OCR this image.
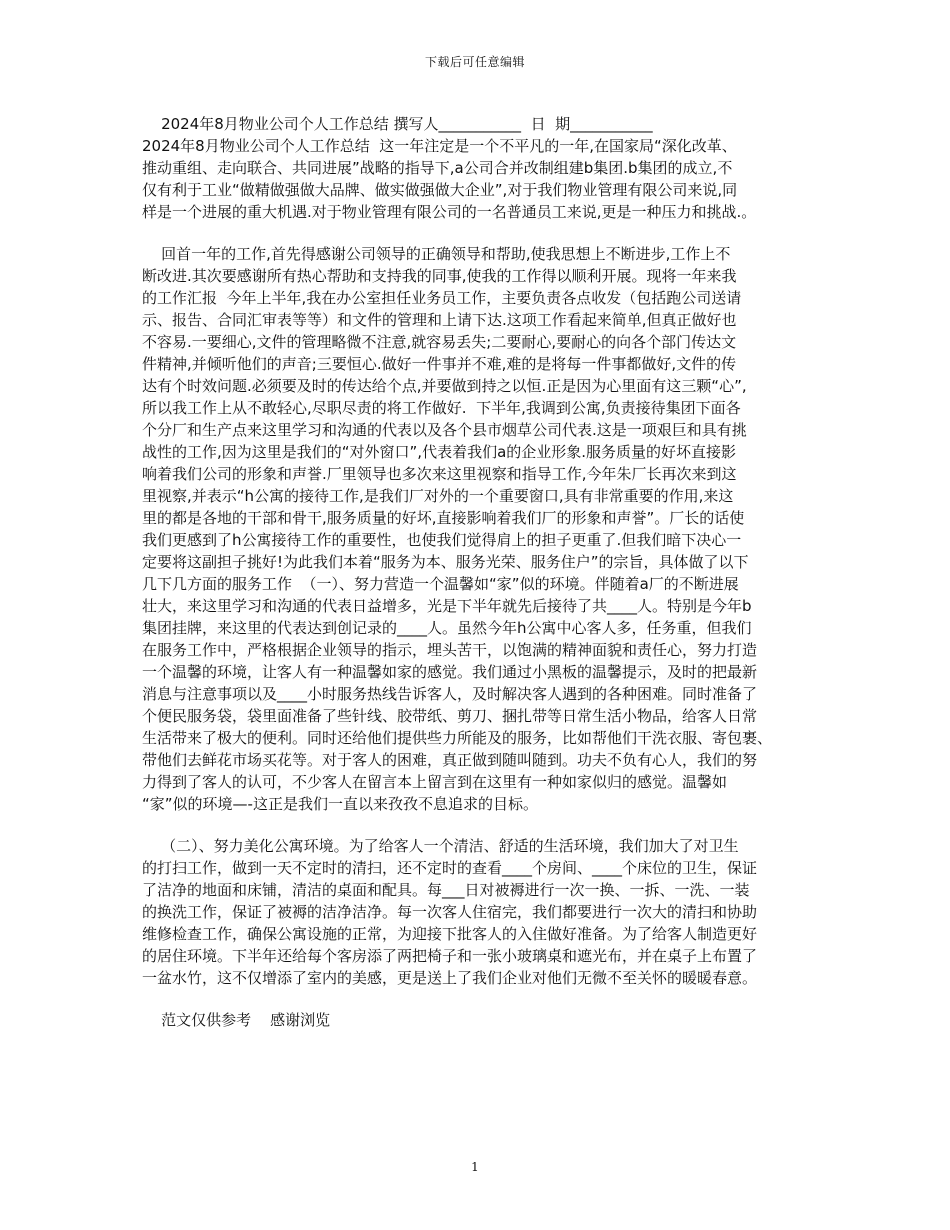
下载后可任意编辑
2024年8月物业公司个人工作总结 撰写人___________  日  期___________
2024年8月物业公司个人工作总结  这一年注定是一个不平凡的一年,在国家局“深化改革、
推动重组、走向联合、共同进展”战略的指导下,a公司合并改制组建b集团.b集团的成立,不
仅有利于工业“做精做强做大品牌、做实做强做大企业”,对于我们物业管理有限公司来说,同
样是一个进展的重大机遇.对于物业管理有限公司的一名普通员工来说,更是一种压力和挑战.。
回首一年的工作,首先得感谢公司领导的正确领导和帮助,使我思想上不断进步,工作上不
断改进.其次要感谢所有热心帮助和支持我的同事,使我的工作得以顺利开展。现将一年来我
的工作汇报  今年上半年,我在办公室担任业务员工作，主要负责各点收发（包括跑公司送请
示、报告、合同汇审表等等）和文件的管理和上请下达.这项工作看起来简单,但真正做好也
不容易.一要细心,文件的管理略微不注意,就容易丢失;二要耐心,要耐心的向各个部门传达文
件精神,并倾听他们的声音;三要恒心.做好一件事并不难,难的是将每一件事都做好,文件的传
达有个时效问题.必须要及时的传达给个点,并要做到持之以恒.正是因为心里面有这三颗“心”,
所以我工作上从不敢轻心,尽职尽责的将工作做好.  下半年,我调到公寓,负责接待集团下面各
个分厂和生产点来这里学习和沟通的代表以及各个县市烟草公司代表.这是一项艰巨和具有挑
战性的工作,因为这里是我们的“对外窗口”,代表着我们a的企业形象.服务质量的好坏直接影
响着我们公司的形象和声誉.厂里领导也多次来这里视察和指导工作,今年朱厂长再次来到这
里视察,并表示“h公寓的接待工作,是我们厂对外的一个重要窗口,具有非常重要的作用,来这
里的都是各地的干部和骨干,服务质量的好坏,直接影响着我们厂的形象和声誉”。厂长的话使
我们更感到了h公寓接待工作的重要性，也使我们觉得肩上的担子更重了.但我们暗下决心一
定要将这副担子挑好!为此我们本着“服务为本、服务光荣、服务住户”的宗旨，具体做了以下
几下几方面的服务工作  （一）、努力营造一个温馨如“家”似的环境。伴随着a厂的不断进展
壮大，来这里学习和沟通的代表日益增多，光是下半年就先后接待了共____人。特别是今年b
集团挂牌，来这里的代表达到创记录的____人。虽然今年h公寓中心客人多，任务重，但我们
在服务工作中，严格根据企业领导的指示，埋头苦干，以饱满的精神面貌和责任心，努力打造
一个温馨的环境，让客人有一种温馨如家的感觉。我们通过小黑板的温馨提示，及时的把最新
消息与注意事项以及____小时服务热线告诉客人，及时解决客人遇到的各种困难。同时准备了
个便民服务袋，袋里面准备了些针线、胶带纸、剪刀、捆扎带等日常生活小物品，给客人日常
生活带来了极大的便利。同时还给他们提供些力所能及的服务，比如帮他们干洗衣服、寄包裹、
带他们去鲜花市场买花等。对于客人的困难，真正做到随叫随到。功夫不负有心人，我们的努
力得到了客人的认可，不少客人在留言本上留言到在这里有一种如家似归的感觉。温馨如
“家”似的环境—-这正是我们一直以来孜孜不息追求的目标。
（二）、努力美化公寓环境。为了给客人一个清洁、舒适的生活环境，我们加大了对卫生
的打扫工作，做到一天不定时的清扫，还不定时的查看____个房间、____个床位的卫生，保证
了洁净的地面和床铺，清洁的桌面和配具。每___日对被褥进行一次一换、一拆、一洗、一装
的换洗工作，保证了被褥的洁净洁净。每一次客人住宿完，我们都要进行一次大的清扫和协助
维修检查工作，确保公寓设施的正常，为迎接下批客人的入住做好准备。为了给客人制造更好
的居住环境。下半年还给每个客房添了两把椅子和一张小玻璃桌和遮光布，并在桌子上布置了
一盆水竹，这不仅增添了室内的美感，更是送上了我们企业对他们无微不至关怀的暖暖春意。
范文仅供参考    感谢浏览
1
